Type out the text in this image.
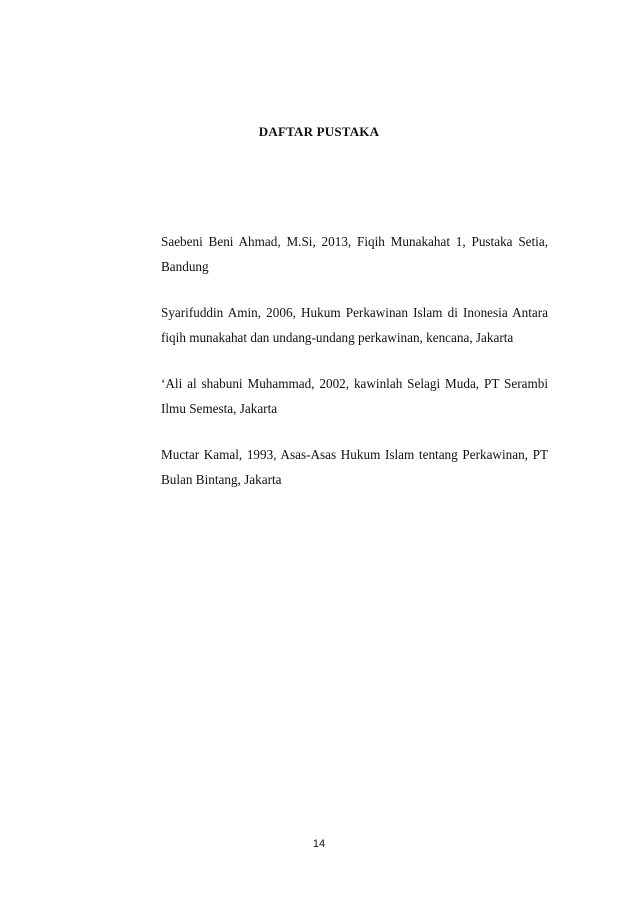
DAFTAR PUSTAKA
Saebeni Beni Ahmad, M.Si, 2013, Fiqih Munakahat 1, Pustaka Setia,
Bandung
Syarifuddin Amin, 2006, Hukum Perkawinan Islam di Inonesia Antara
fiqih munakahat dan undang-undang perkawinan, kencana, Jakarta
‘Ali al shabuni Muhammad, 2002, kawinlah Selagi Muda, PT Serambi
Ilmu Semesta, Jakarta
Muctar Kamal, 1993, Asas-Asas Hukum Islam tentang Perkawinan, PT
Bulan Bintang, Jakarta
14
